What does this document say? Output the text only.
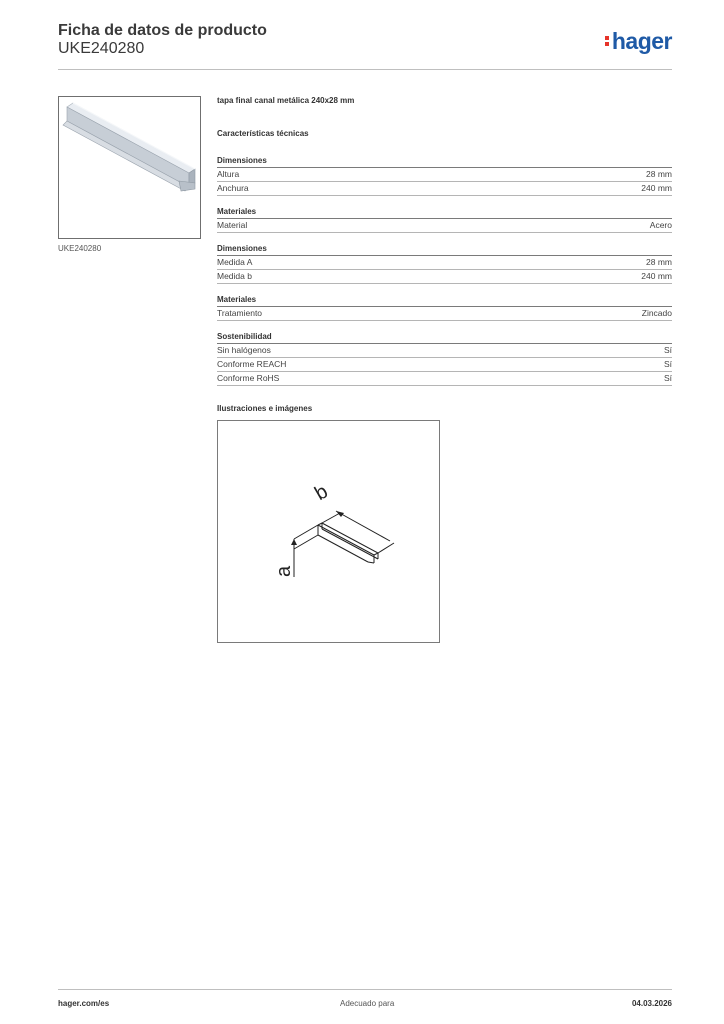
Ficha de datos de producto
UKE240280	hager
UKE240280
tapa final canal metálica 240x28 mm
Características técnicas
Dimensiones
Altura	28 mm
Anchura	240 mm
Materiales
Material	Acero
Dimensiones
Medida A	28 mm
Medida b	240 mm
Materiales
Tratamiento	Zincado
Sostenibilidad
Sin halógenos	Sí
Conforme REACH	Sí
Conforme RoHS	Sí
Ilustraciones e imágenes
b
a
hager.com/es	Adecuado para	04.03.2026
